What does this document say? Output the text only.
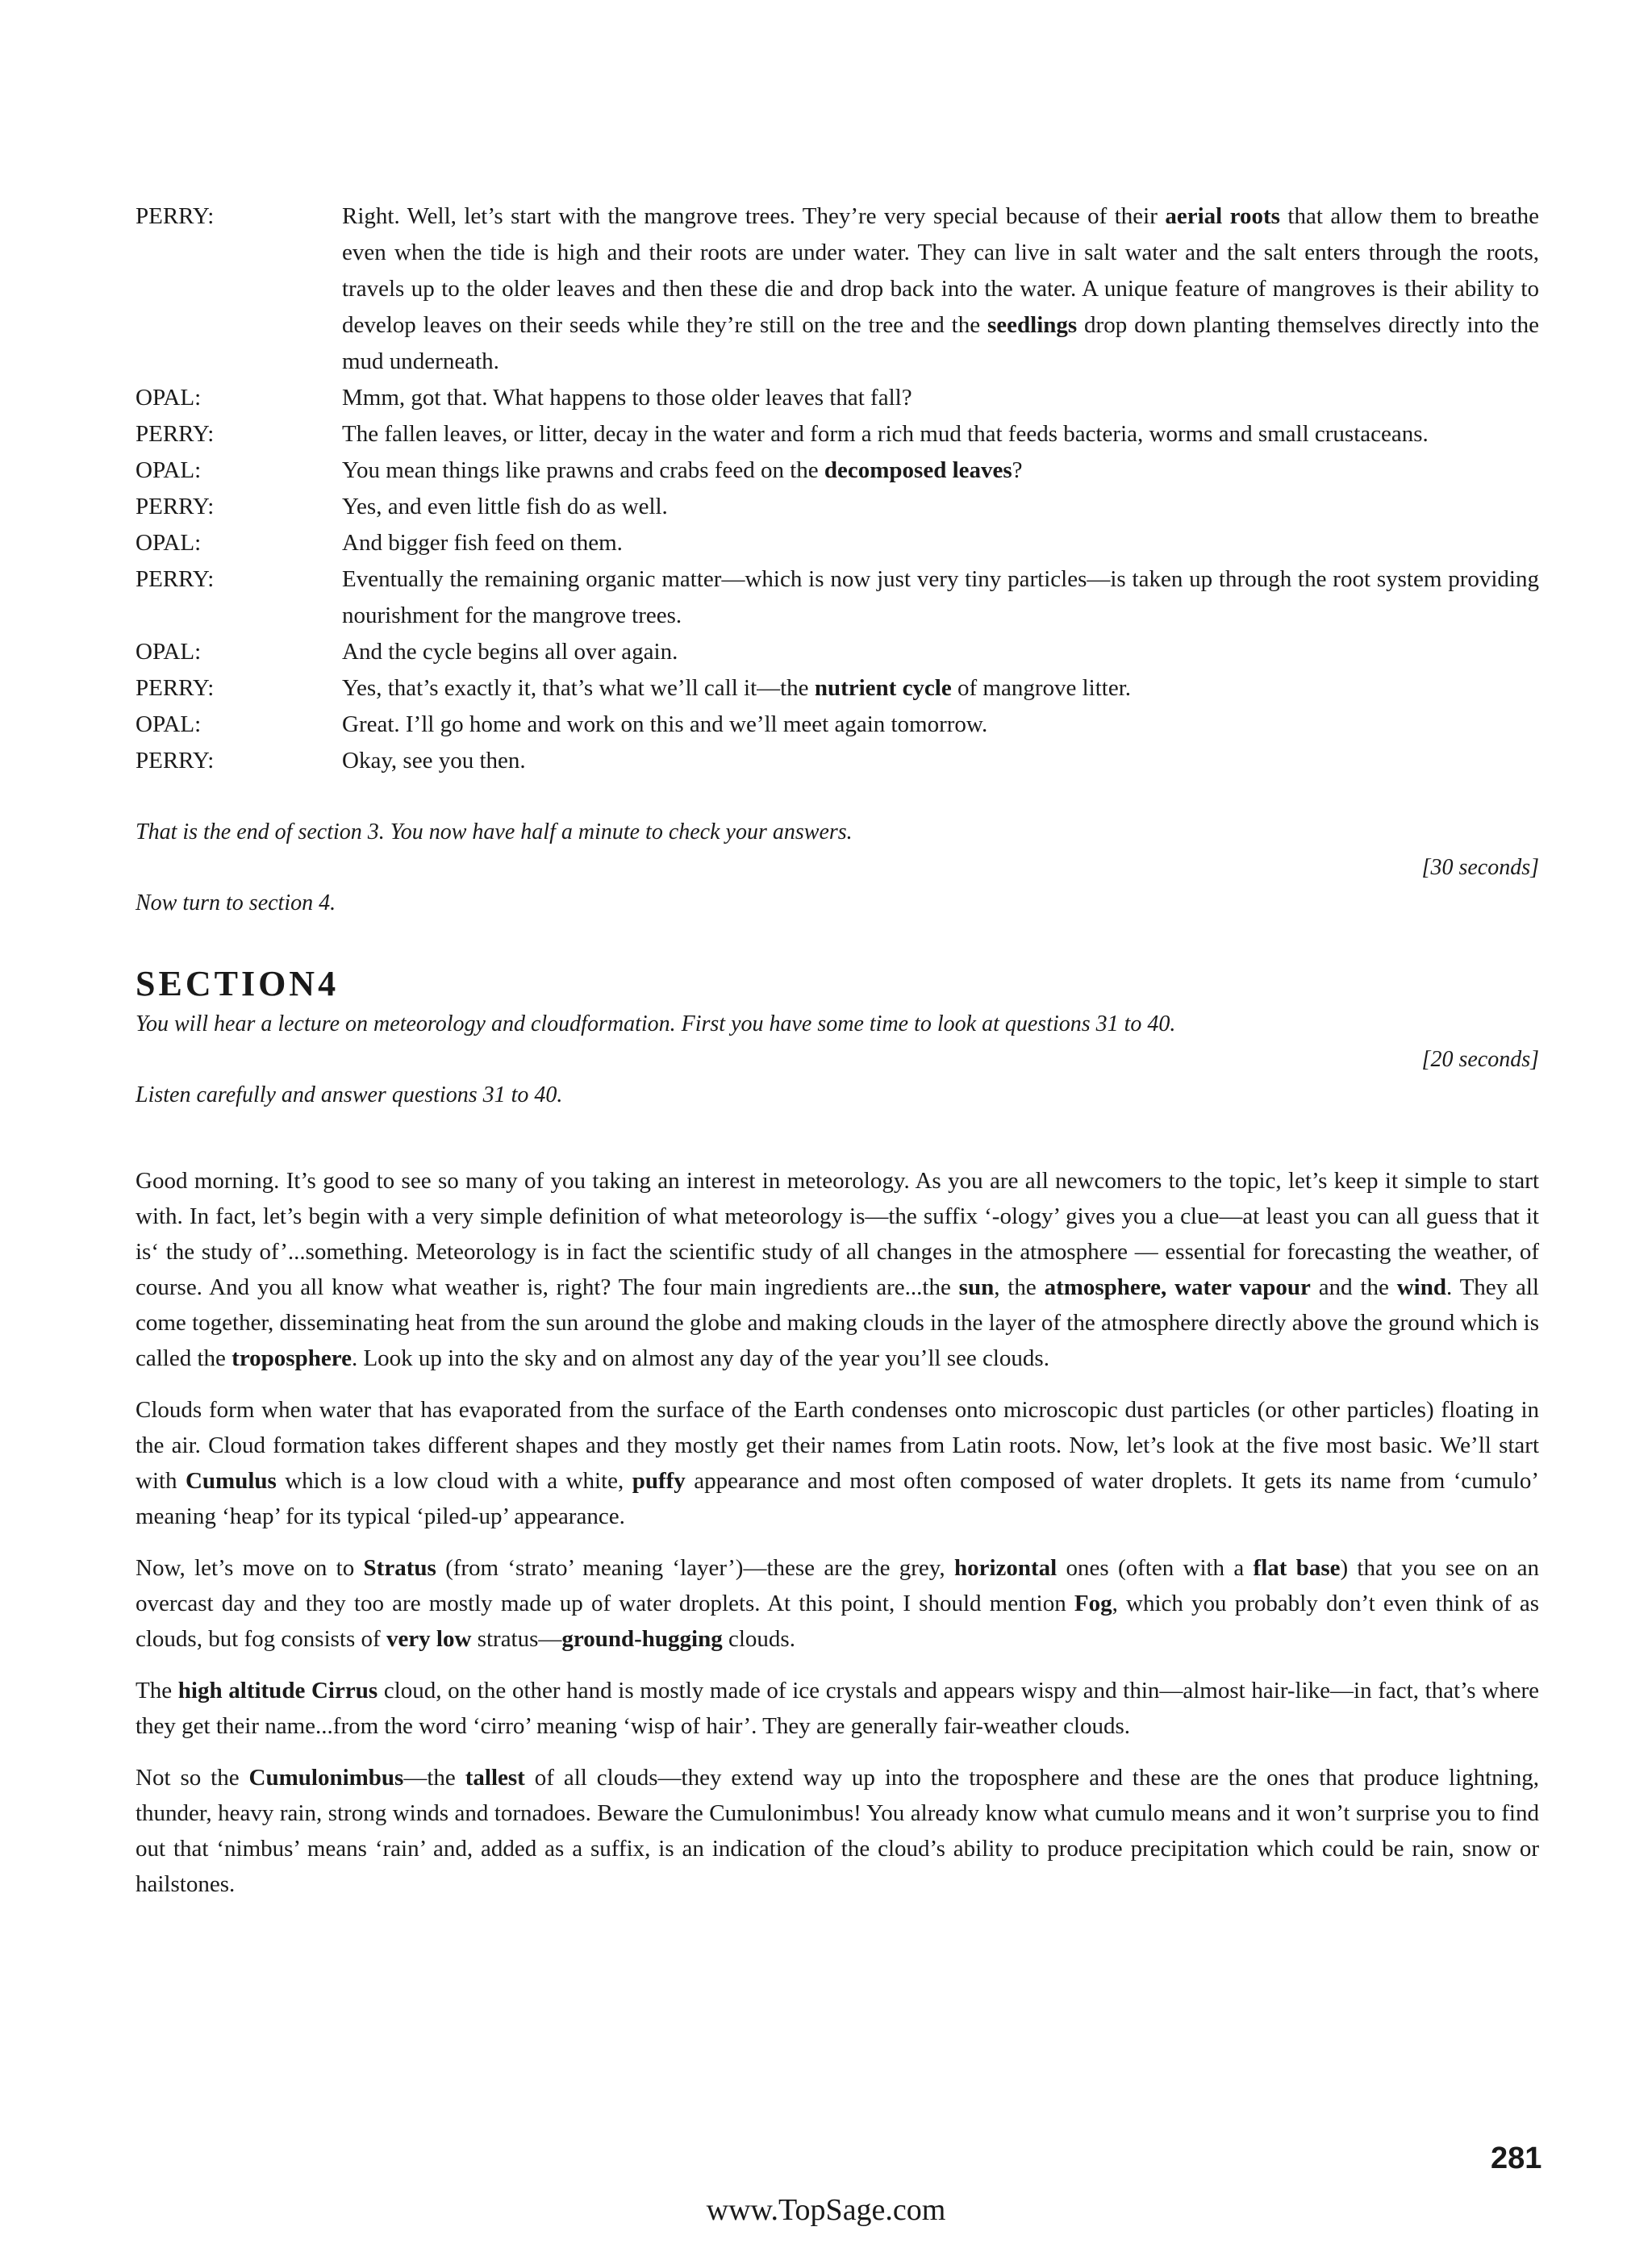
PERRY:	Right. Well, let’s start with the mangrove trees. They’re very special because of their aerial roots that allow them to breathe even when the tide is high and their roots are under water. They can live in salt water and the salt enters through the roots, travels up to the older leaves and then these die and drop back into the water. A unique feature of mangroves is their ability to develop leaves on their seeds while they’re still on the tree and the seedlings drop down planting themselves directly into the mud underneath.
OPAL:	Mmm, got that. What happens to those older leaves that fall?
PERRY:	The fallen leaves, or litter, decay in the water and form a rich mud that feeds bacteria, worms and small crustaceans.
OPAL:	You mean things like prawns and crabs feed on the decomposed leaves?
PERRY:	Yes, and even little fish do as well.
OPAL:	And bigger fish feed on them.
PERRY:	Eventually the remaining organic matter—which is now just very tiny particles—is taken up through the root system providing nourishment for the mangrove trees.
OPAL:	And the cycle begins all over again.
PERRY:	Yes, that’s exactly it, that’s what we’ll call it—the nutrient cycle of mangrove litter.
OPAL:	Great. I’ll go home and work on this and we’ll meet again tomorrow.
PERRY:	Okay, see you then.
That is the end of section 3. You now have half a minute to check your answers.
[30 seconds]
Now turn to section 4.
SECTION4
You will hear a lecture on meteorology and cloudformation. First you have some time to look at questions 31 to 40.
[20 seconds]
Listen carefully and answer questions 31 to 40.

Good morning. It’s good to see so many of you taking an interest in meteorology. As you are all newcomers to the topic, let’s keep it simple to start with. In fact, let’s begin with a very simple definition of what meteorology is—the suffix ‘-ology’ gives you a clue—at least you can all guess that it is‘ the study of’...something. Meteorology is in fact the scientific study of all changes in the atmosphere — essential for forecasting the weather, of course. And you all know what weather is, right? The four main ingredients are...the sun, the atmosphere, water vapour and the wind. They all come together, disseminating heat from the sun around the globe and making clouds in the layer of the atmosphere directly above the ground which is called the troposphere. Look up into the sky and on almost any day of the year you’ll see clouds.

Clouds form when water that has evaporated from the surface of the Earth condenses onto microscopic dust particles (or other particles) floating in the air. Cloud formation takes different shapes and they mostly get their names from Latin roots. Now, let’s look at the five most basic. We’ll start with Cumulus which is a low cloud with a white, puffy appearance and most often composed of water droplets. It gets its name from ‘cumulo’ meaning ‘heap’ for its typical ‘piled-up’ appearance.

Now, let’s move on to Stratus (from ‘strato’ meaning ‘layer’)—these are the grey, horizontal ones (often with a flat base) that you see on an overcast day and they too are mostly made up of water droplets. At this point, I should mention Fog, which you probably don’t even think of as clouds, but fog consists of very low stratus—ground-hugging clouds.

The high altitude Cirrus cloud, on the other hand is mostly made of ice crystals and appears wispy and thin—almost hair-like—in fact, that’s where they get their name...from the word ‘cirro’ meaning ‘wisp of hair’. They are generally fair-weather clouds.

Not so the Cumulonimbus—the tallest of all clouds—they extend way up into the troposphere and these are the ones that produce lightning, thunder, heavy rain, strong winds and tornadoes. Beware the Cumulonimbus! You already know what cumulo means and it won’t surprise you to find out that ‘nimbus’ means ‘rain’ and, added as a suffix, is an indication of the cloud’s ability to produce precipitation which could be rain, snow or hailstones.

281
www.TopSage.com
